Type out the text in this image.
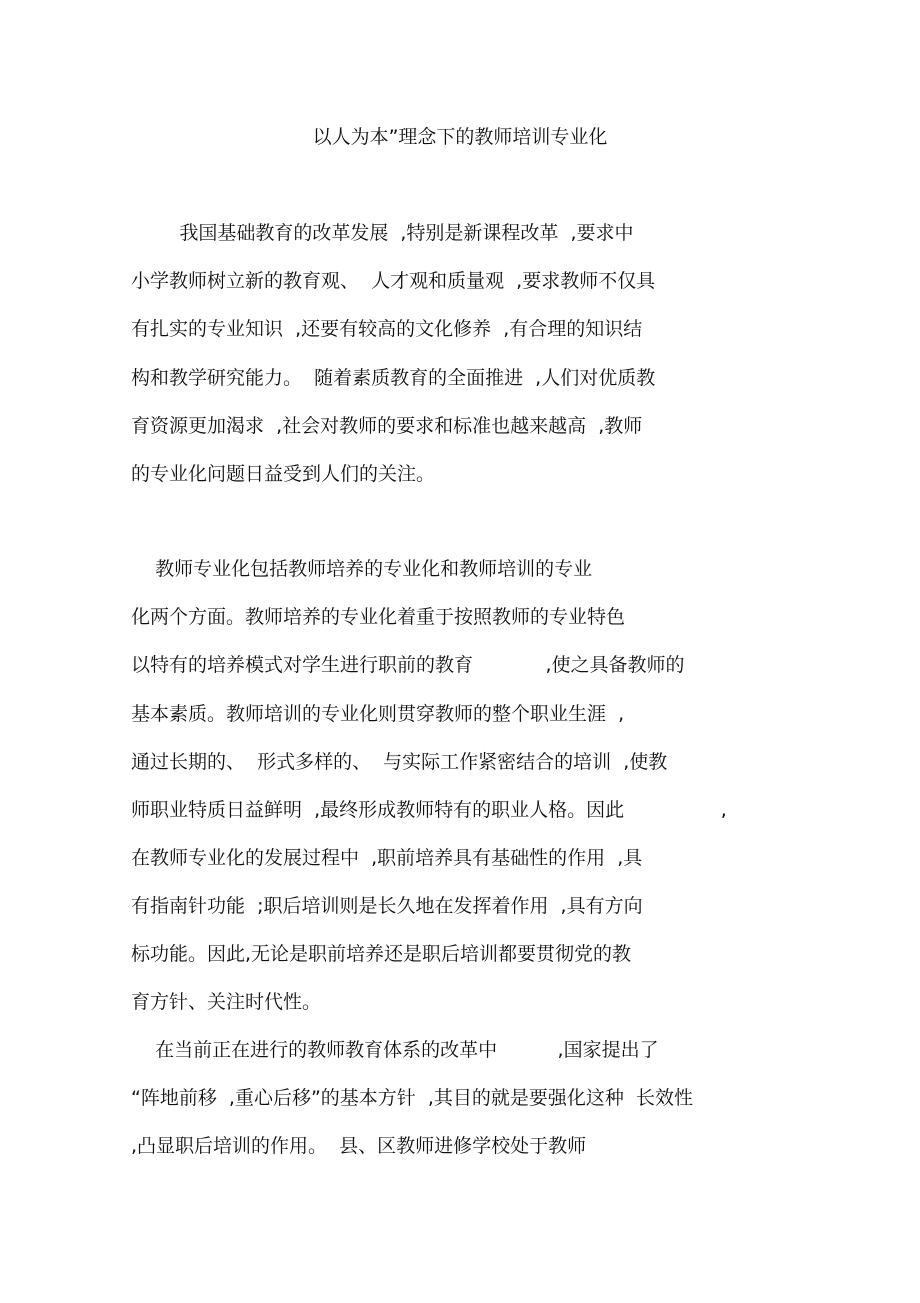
以人为本”理念下的教师培训专业化
我国基础教育的改革发展  ,特别是新课程改革  ,要求中
小学教师树立新的教育观、  人才观和质量观  ,要求教师不仅具
有扎实的专业知识  ,还要有较高的文化修养  ,有合理的知识结
构和教学研究能力。  随着素质教育的全面推进  ,人们对优质教
育资源更加渴求  ,社会对教师的要求和标准也越来越高  ,教师
的专业化问题日益受到人们的关注。
教师专业化包括教师培养的专业化和教师培训的专业
化两个方面。教师培养的专业化着重于按照教师的专业特色
以特有的培养模式对学生进行职前的教育            ,使之具备教师的
基本素质。教师培训的专业化则贯穿教师的整个职业生涯  ,
通过长期的、  形式多样的、  与实际工作紧密结合的培训  ,使教
师职业特质日益鲜明  ,最终形成教师特有的职业人格。因此                ,
在教师专业化的发展过程中  ,职前培养具有基础性的作用  ,具
有指南针功能  ;职后培训则是长久地在发挥着作用  ,具有方向
标功能。因此,无论是职前培养还是职后培训都要贯彻党的教
育方针、关注时代性。
在当前正在进行的教师教育体系的改革中          ,国家提出了
“阵地前移  ,重心后移”的基本方针  ,其目的就是要强化这种  长效性
,凸显职后培训的作用。  县、区教师进修学校处于教师
